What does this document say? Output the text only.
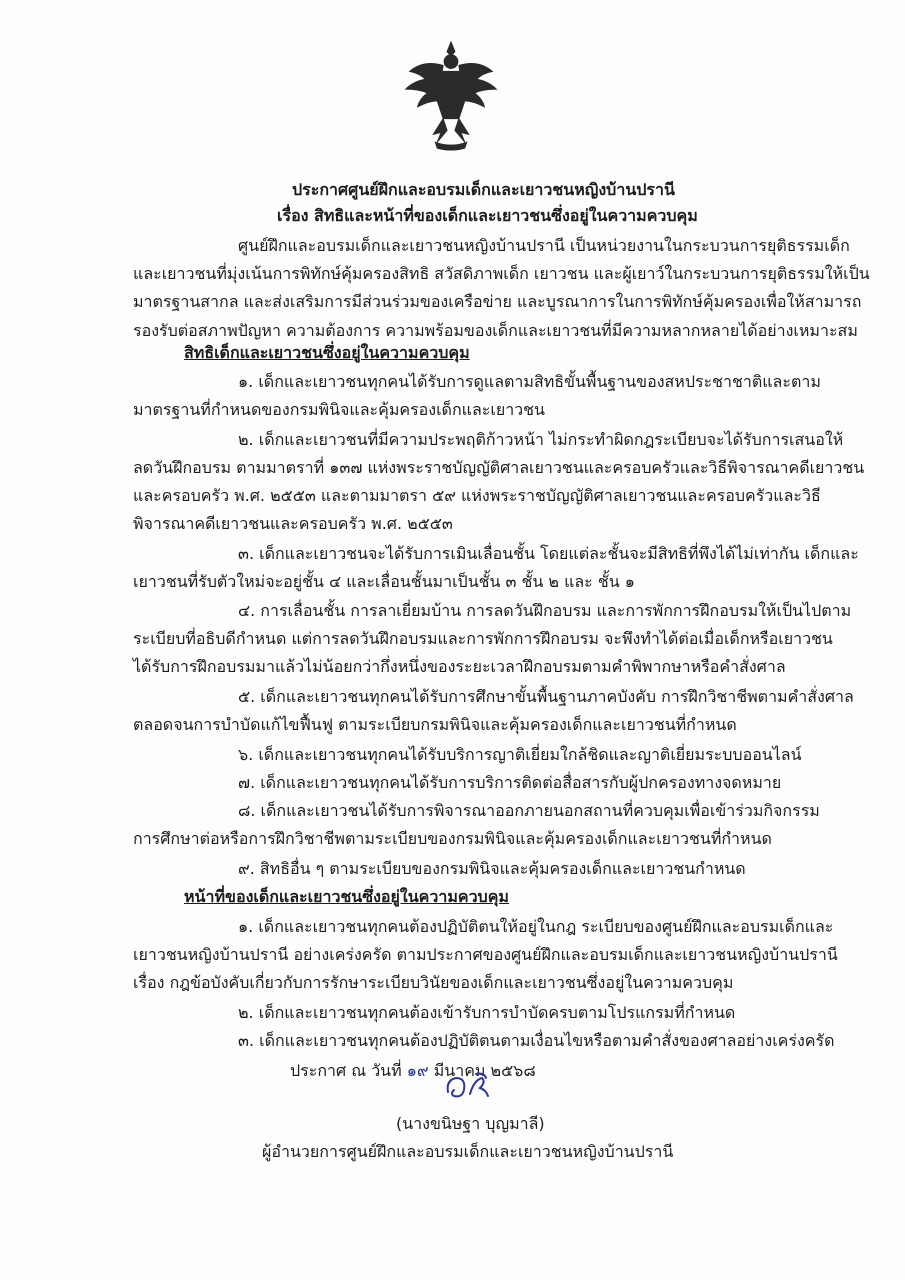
ประกาศศูนย์ฝึกและอบรมเด็กและเยาวชนหญิงบ้านปรานี
เรื่อง สิทธิและหน้าที่ของเด็กและเยาวชนซึ่งอยู่ในความควบคุม
ศูนย์ฝึกและอบรมเด็กและเยาวชนหญิงบ้านปรานี เป็นหน่วยงานในกระบวนการยุติธรรมเด็ก
และเยาวชนที่มุ่งเน้นการพิทักษ์คุ้มครองสิทธิ สวัสดิภาพเด็ก เยาวชน และผู้เยาว์ในกระบวนการยุติธรรมให้เป็น
มาตรฐานสากล และส่งเสริมการมีส่วนร่วมของเครือข่าย และบูรณาการในการพิทักษ์คุ้มครองเพื่อให้สามารถ
รองรับต่อสภาพปัญหา ความต้องการ ความพร้อมของเด็กและเยาวชนที่มีความหลากหลายได้อย่างเหมาะสม
สิทธิเด็กและเยาวชนซึ่งอยู่ในความควบคุม
๑. เด็กและเยาวชนทุกคนได้รับการดูแลตามสิทธิขั้นพื้นฐานของสหประชาชาติและตาม
มาตรฐานที่กำหนดของกรมพินิจและคุ้มครองเด็กและเยาวชน
๒. เด็กและเยาวชนที่มีความประพฤติก้าวหน้า ไม่กระทำผิดกฎระเบียบจะได้รับการเสนอให้
ลดวันฝึกอบรม ตามมาตราที่ ๑๓๗ แห่งพระราชบัญญัติศาลเยาวชนและครอบครัวและวิธีพิจารณาคดีเยาวชน
และครอบครัว พ.ศ. ๒๕๕๓ และตามมาตรา ๕๙ แห่งพระราชบัญญัติศาลเยาวชนและครอบครัวและวิธี
พิจารณาคดีเยาวชนและครอบครัว พ.ศ. ๒๕๕๓
๓. เด็กและเยาวชนจะได้รับการเมินเลื่อนชั้น โดยแต่ละชั้นจะมีสิทธิที่พึงได้ไม่เท่ากัน เด็กและ
เยาวชนที่รับตัวใหม่จะอยู่ชั้น ๔ และเลื่อนชั้นมาเป็นชั้น ๓ ชั้น ๒ และ ชั้น ๑
๔. การเลื่อนชั้น การลาเยี่ยมบ้าน การลดวันฝึกอบรม และการพักการฝึกอบรมให้เป็นไปตาม
ระเบียบที่อธิบดีกำหนด แต่การลดวันฝึกอบรมและการพักการฝึกอบรม จะพึงทำได้ต่อเมื่อเด็กหรือเยาวชน
ได้รับการฝึกอบรมมาแล้วไม่น้อยกว่ากึ่งหนึ่งของระยะเวลาฝึกอบรมตามคำพิพากษาหรือคำสั่งศาล
๕. เด็กและเยาวชนทุกคนได้รับการศึกษาขั้นพื้นฐานภาคบังคับ การฝึกวิชาชีพตามคำสั่งศาล
ตลอดจนการบำบัดแก้ไขฟื้นฟู ตามระเบียบกรมพินิจและคุ้มครองเด็กและเยาวชนที่กำหนด
๖. เด็กและเยาวชนทุกคนได้รับบริการญาติเยี่ยมใกล้ชิดและญาติเยี่ยมระบบออนไลน์
๗. เด็กและเยาวชนทุกคนได้รับการบริการติดต่อสื่อสารกับผู้ปกครองทางจดหมาย
๘. เด็กและเยาวชนได้รับการพิจารณาออกภายนอกสถานที่ควบคุมเพื่อเข้าร่วมกิจกรรม
การศึกษาต่อหรือการฝึกวิชาชีพตามระเบียบของกรมพินิจและคุ้มครองเด็กและเยาวชนที่กำหนด
๙. สิทธิอื่น ๆ ตามระเบียบของกรมพินิจและคุ้มครองเด็กและเยาวชนกำหนด
หน้าที่ของเด็กและเยาวชนซึ่งอยู่ในความควบคุม
๑. เด็กและเยาวชนทุกคนต้องปฏิบัติตนให้อยู่ในกฎ ระเบียบของศูนย์ฝึกและอบรมเด็กและ
เยาวชนหญิงบ้านปรานี อย่างเคร่งครัด ตามประกาศของศูนย์ฝึกและอบรมเด็กและเยาวชนหญิงบ้านปรานี
เรื่อง กฎข้อบังคับเกี่ยวกับการรักษาระเบียบวินัยของเด็กและเยาวชนซึ่งอยู่ในความควบคุม
๒. เด็กและเยาวชนทุกคนต้องเข้ารับการบำบัดครบตามโปรแกรมที่กำหนด
๓. เด็กและเยาวชนทุกคนต้องปฏิบัติตนตามเงื่อนไขหรือตามคำสั่งของศาลอย่างเคร่งครัด
ประกาศ ณ วันที่ ๑๙ มีนาคม ๒๕๖๘
(นางขนิษฐา บุญมาลี)
ผู้อำนวยการศูนย์ฝึกและอบรมเด็กและเยาวชนหญิงบ้านปรานี
